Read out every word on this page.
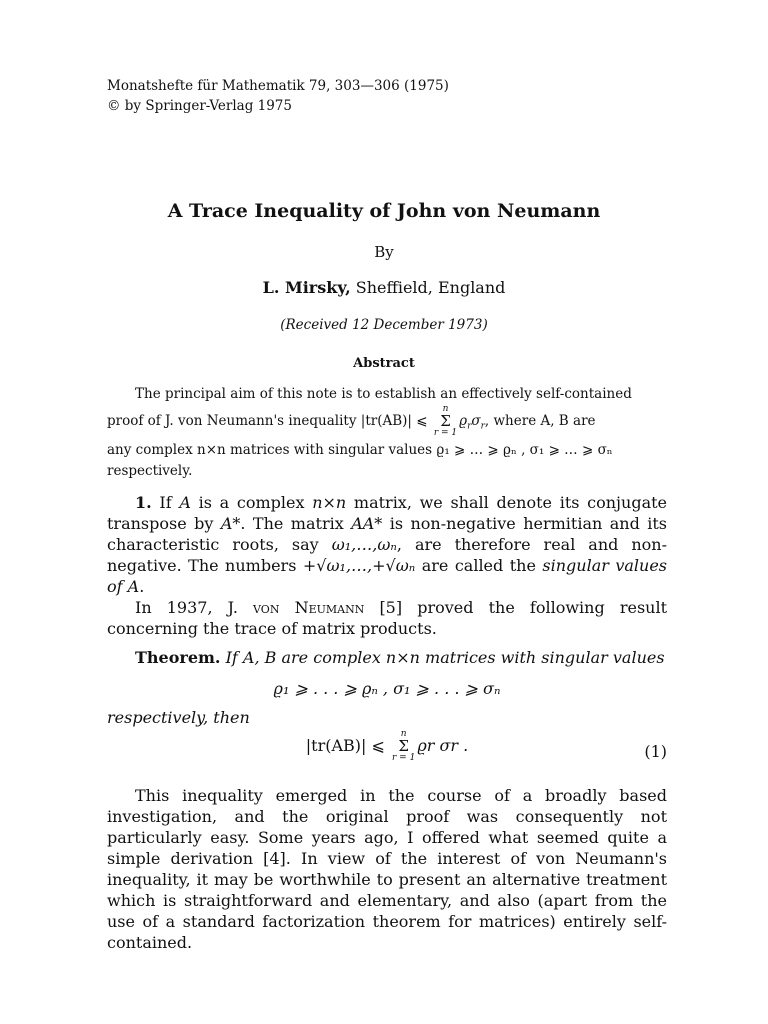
Monatshefte für Mathematik 79, 303—306 (1975)
© by Springer-Verlag 1975
A Trace Inequality of John von Neumann
By
L. Mirsky, Sheffield, England
(Received 12 December 1973)
Abstract

The principal aim of this note is to establish an effectively self-contained

proof of J. von Neumann's inequality |tr(AB)| ⩽
n
Σ
r = 1
$ϱ_r\sigma_r$, where A, B are

any complex n×n matrices with singular values ϱ₁ ⩾ … ⩾ ϱₙ , σ₁ ⩾ … ⩾ σₙ

respectively.

1. If A is a complex n×n matrix, we shall denote its conjugate transpose by A*. The matrix AA* is non-negative hermitian and its characteristic roots, say ω₁,…,ωₙ, are therefore real and non-negative. The numbers +√ω₁,…,+√ωₙ are called the singular values of A.

In 1937, J. von Neumann [5] proved the following result concerning the trace of matrix products.

Theorem. If A, B are complex n×n matrices with singular values

ϱ₁ ⩾ . . . ⩾ ϱₙ , σ₁ ⩾ . . . ⩾ σₙ

respectively, then

|tr(AB)| ⩽
n
Σ
r = 1
ϱr σr .	(1)

This inequality emerged in the course of a broadly based investigation, and the original proof was consequently not particularly easy. Some years ago, I offered what seemed quite a simple derivation [4]. In view of the interest of von Neumann's inequality, it may be worthwhile to present an alternative treatment which is straightforward and elementary, and also (apart from the use of a standard factorization theorem for matrices) entirely self-contained.
